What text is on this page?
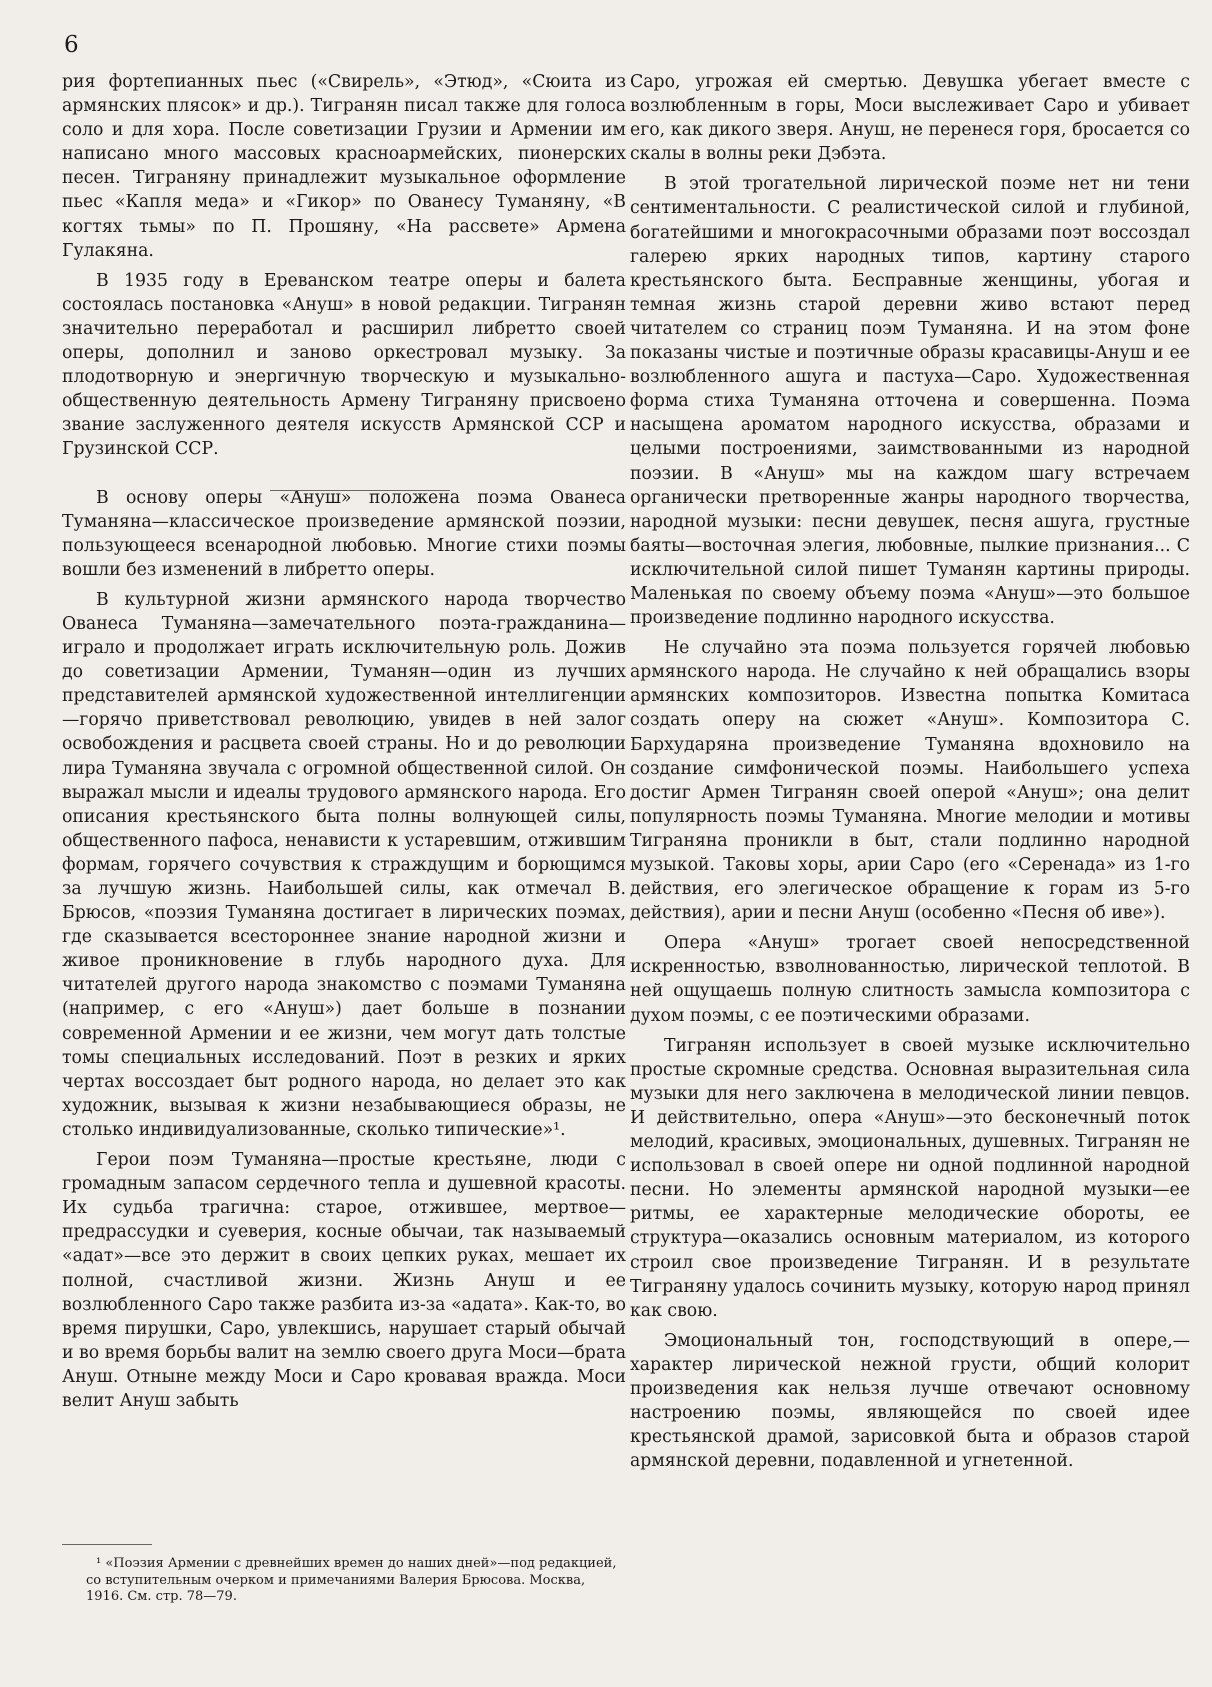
6

рия фортепианных пьес («Свирель», «Этюд», «Сюита из армянских плясок» и др.). Тигранян писал также для голоса соло и для хора. После советизации Грузии и Армении им написано много массовых красноармейских, пионерских песен. Тиграняну принадлежит музыкальное оформление пьес «Капля меда» и «Гикор» по Ованесу Туманяну, «В когтях тьмы» по П. Прошяну, «На рассвете» Армена Гулакяна.

В 1935 году в Ереванском театре оперы и балета состоялась постановка «Ануш» в новой редакции. Тигранян значительно переработал и расширил либретто своей оперы, дополнил и заново оркестровал музыку. За плодотворную и энергичную творческую и музыкально-общественную деятельность Армену Тиграняну присвоено звание заслуженного деятеля искусств Армянской ССР и Грузинской ССР.

В основу оперы «Ануш» положена поэма Ованеса Туманяна—классическое произведение армянской поэзии, пользующееся всенародной любовью. Многие стихи поэмы вошли без изменений в либретто оперы.

В культурной жизни армянского народа творчество Ованеса Туманяна—замечательного поэта-гражданина—играло и продолжает играть исключительную роль. Дожив до советизации Армении, Туманян—один из лучших представителей армянской художественной интеллигенции—горячо приветствовал революцию, увидев в ней залог освобождения и расцвета своей страны. Но и до революции лира Туманяна звучала с огромной общественной силой. Он выражал мысли и идеалы трудового армянского народа. Его описания крестьянского быта полны волнующей силы, общественного пафоса, ненависти к устаревшим, отжившим формам, горячего сочувствия к страждущим и борющимся за лучшую жизнь. Наибольшей силы, как отмечал В. Брюсов, «поэзия Туманяна достигает в лирических поэмах, где сказывается всестороннее знание народной жизни и живое проникновение в глубь народного духа. Для читателей другого народа знакомство с поэмами Туманяна (например, с его «Ануш») дает больше в познании современной Армении и ее жизни, чем могут дать толстые томы специальных исследований. Поэт в резких и ярких чертах воссоздает быт родного народа, но делает это как художник, вызывая к жизни незабывающиеся образы, не столько индивидуализованные, сколько типические»¹.

Герои поэм Туманяна—простые крестьяне, люди с громадным запасом сердечного тепла и душевной красоты. Их судьба трагична: старое, отжившее, мертвое—предрассудки и суеверия, косные обычаи, так называемый «адат»—все это держит в своих цепких руках, мешает их полной, счастливой жизни. Жизнь Ануш и ее возлюбленного Саро также разбита из-за «адата». Как-то, во время пирушки, Саро, увлекшись, нарушает старый обычай и во время борьбы валит на землю своего друга Моси—брата Ануш. Отныне между Моси и Саро кровавая вражда. Моси велит Ануш забыть

Саро, угрожая ей смертью. Девушка убегает вместе с возлюбленным в горы, Моси выслеживает Саро и убивает его, как дикого зверя. Ануш, не перенеся горя, бросается со скалы в волны реки Дэбэта.

В этой трогательной лирической поэме нет ни тени сентиментальности. С реалистической силой и глубиной, богатейшими и многокрасочными образами поэт воссоздал галерею ярких народных типов, картину старого крестьянского быта. Бесправные женщины, убогая и темная жизнь старой деревни живо встают перед читателем со страниц поэм Туманяна. И на этом фоне показаны чистые и поэтичные образы красавицы-Ануш и ее возлюбленного ашуга и пастуха—Саро. Художественная форма стиха Туманяна отточена и совершенна. Поэма насыщена ароматом народного искусства, образами и целыми построениями, заимствованными из народной поэзии. В «Ануш» мы на каждом шагу встречаем органически претворенные жанры народного творчества, народной музыки: песни девушек, песня ашуга, грустные баяты—восточная элегия, любовные, пылкие признания... С исключительной силой пишет Туманян картины природы. Маленькая по своему объему поэма «Ануш»—это большое произведение подлинно народного искусства.

Не случайно эта поэма пользуется горячей любовью армянского народа. Не случайно к ней обращались взоры армянских композиторов. Известна попытка Комитаса создать оперу на сюжет «Ануш». Композитора С. Бархударяна произведение Туманяна вдохновило на создание симфонической поэмы. Наибольшего успеха достиг Армен Тигранян своей оперой «Ануш»; она делит популярность поэмы Туманяна. Многие мелодии и мотивы Тиграняна проникли в быт, стали подлинно народной музыкой. Таковы хоры, арии Саро (его «Серенада» из 1-го действия, его элегическое обращение к горам из 5-го действия), арии и песни Ануш (особенно «Песня об иве»).

Опера «Ануш» трогает своей непосредственной искренностью, взволнованностью, лирической теплотой. В ней ощущаешь полную слитность замысла композитора с духом поэмы, с ее поэтическими образами.

Тигранян использует в своей музыке исключительно простые скромные средства. Основная выразительная сила музыки для него заключена в мелодической линии певцов. И действительно, опера «Ануш»—это бесконечный поток мелодий, красивых, эмоциональных, душевных. Тигранян не использовал в своей опере ни одной подлинной народной песни. Но элементы армянской народной музыки—ее ритмы, ее характерные мелодические обороты, ее структура—оказались основным материалом, из которого строил свое произведение Тигранян. И в результате Тиграняну удалось сочинить музыку, которую народ принял как свою.

Эмоциональный тон, господствующий в опере,—характер лирической нежной грусти, общий колорит произведения как нельзя лучше отвечают основному настроению поэмы, являющейся по своей идее крестьянской драмой, зарисовкой быта и образов старой армянской деревни, подавленной и угнетенной.

¹ «Поэзия Армении с древнейших времен до наших дней»—под редакцией, со вступительным очерком и примечаниями Валерия Брюсова. Москва, 1916. См. стр. 78—79.
